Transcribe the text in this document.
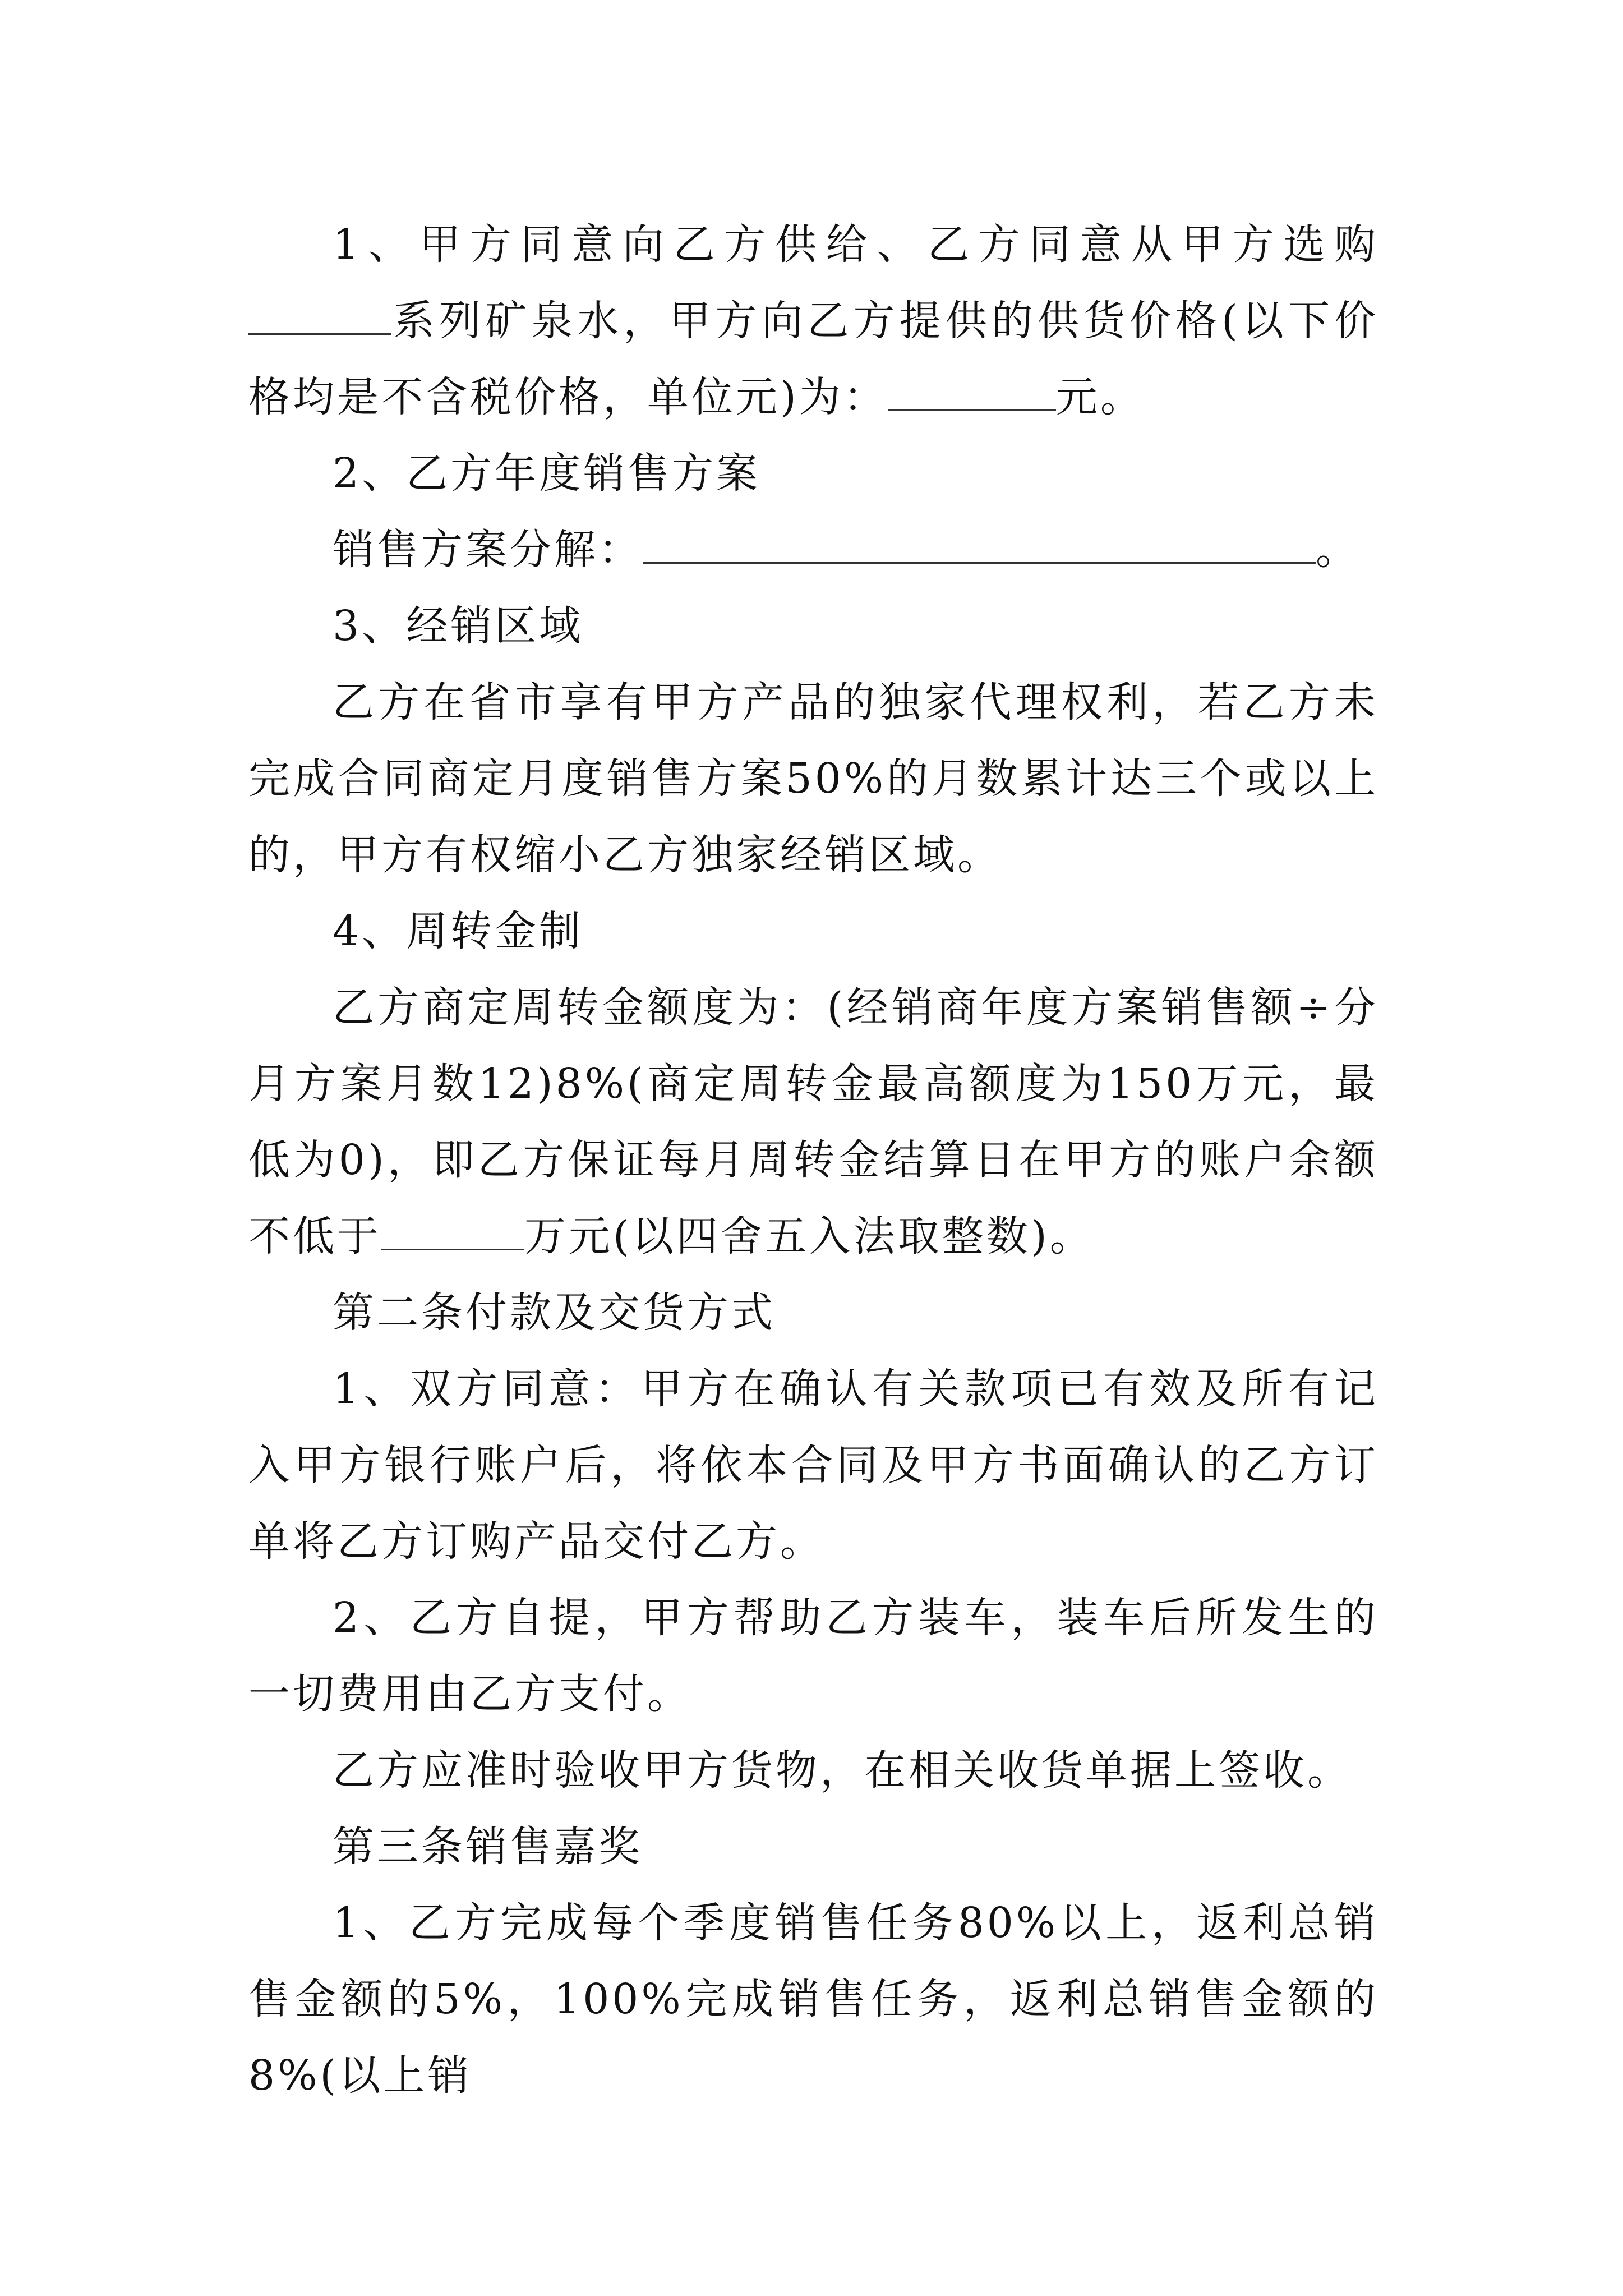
1、甲方同意向乙方供给、乙方同意从甲方选购系列矿泉水，甲方向乙方提供的供货价格(以下价格均是不含税价格，单位元)为：	元。

2、乙方年度销售方案

销售方案分解：	。

3、经销区域

乙方在省市享有甲方产品的独家代理权利，若乙方未完成合同商定月度销售方案50%的月数累计达三个或以上的，甲方有权缩小乙方独家经销区域。

4、周转金制

乙方商定周转金额度为：(经销商年度方案销售额÷分月方案月数12)8%(商定周转金最高额度为150万元，最低为0)，即乙方保证每月周转金结算日在甲方的账户余额不低于	万元(以四舍五入法取整数)。

第二条付款及交货方式

1、双方同意：甲方在确认有关款项已有效及所有记入甲方银行账户后，将依本合同及甲方书面确认的乙方订单将乙方订购产品交付乙方。

2、乙方自提，甲方帮助乙方装车，装车后所发生的一切费用由乙方支付。

乙方应准时验收甲方货物，在相关收货单据上签收。

第三条销售嘉奖

1、乙方完成每个季度销售任务80%以上，返利总销售金额的5%，100%完成销售任务，返利总销售金额的8%(以上销
